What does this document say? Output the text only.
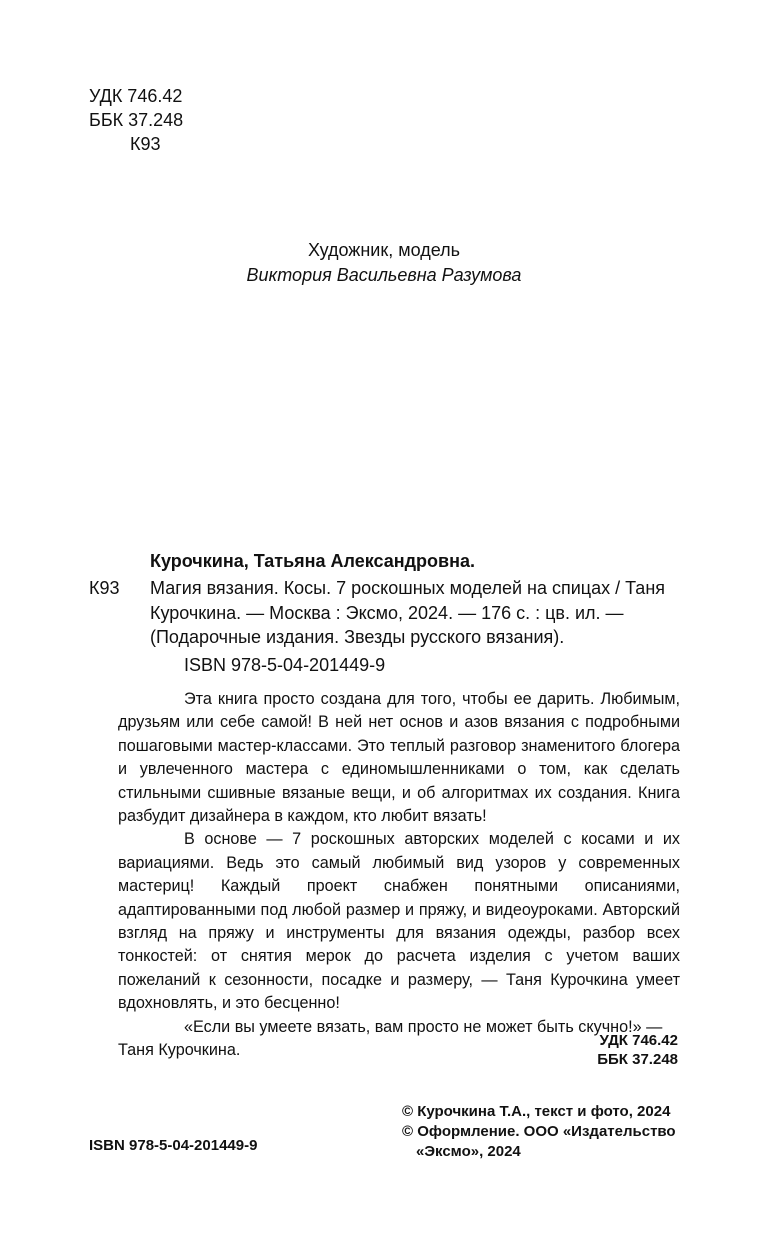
УДК 746.42
ББК 37.248
К93
Художник, модель
Виктория Васильевна Разумова
Курочкина, Татьяна Александровна.
К93 Магия вязания. Косы. 7 роскошных моделей на спицах / Таня Курочкина. — Москва : Эксмо, 2024. — 176 с. : цв. ил. — (Подарочные издания. Звезды русского вязания).
ISBN 978-5-04-201449-9

Эта книга просто создана для того, чтобы ее дарить. Любимым, друзьям или себе самой! В ней нет основ и азов вязания с подробными пошаговыми мастер-классами. Это теплый разговор знаменитого блогера и увлеченного мастера с единомышленниками о том, как сделать стильными сшивные вязаные вещи, и об алгоритмах их создания. Книга разбудит дизайнера в каждом, кто любит вязать!

В основе — 7 роскошных авторских моделей с косами и их вариациями. Ведь это самый любимый вид узоров у современных мастериц! Каждый проект снабжен понятными описаниями, адаптированными под любой размер и пряжу, и видеоуроками. Авторский взгляд на пряжу и инструменты для вязания одежды, разбор всех тонкостей: от снятия мерок до расчета изделия с учетом ваших пожеланий к сезонности, посадке и размеру, — Таня Курочкина умеет вдохновлять, и это бесценно!

«Если вы умеете вязать, вам просто не может быть скучно!» — Таня Курочкина.

УДК 746.42
ББК 37.248
© Курочкина Т.А., текст и фото, 2024
© Оформление. ООО «Издательство
«Эксмо», 2024
ISBN 978-5-04-201449-9
